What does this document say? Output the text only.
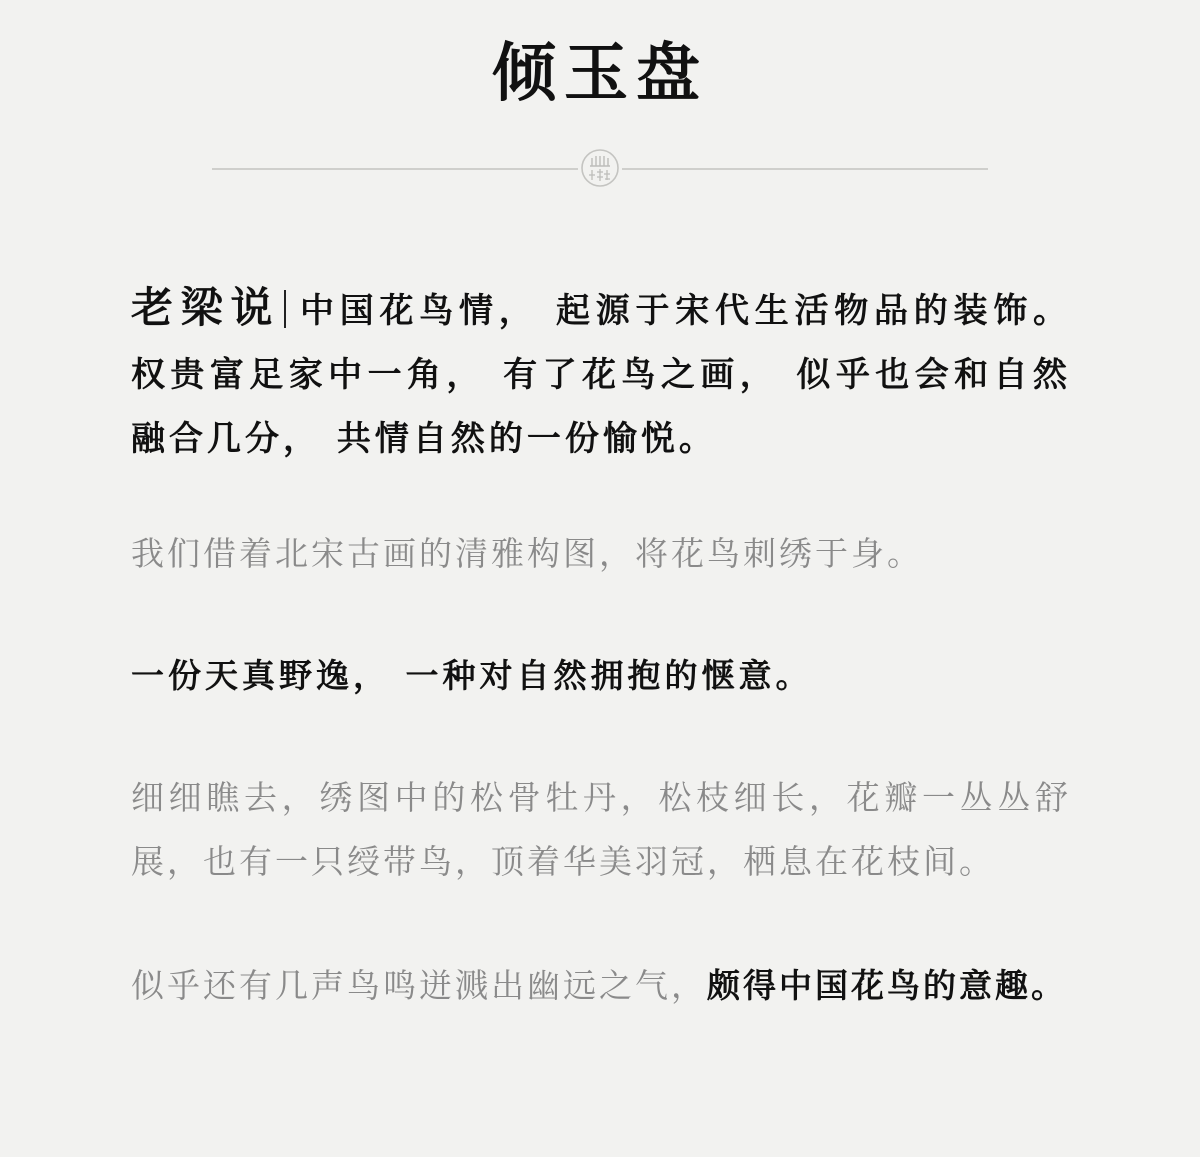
倾玉盘

老梁说 中国花鸟情， 起源于宋代生活物品的装饰。 权贵富足家中一角， 有了花鸟之画， 似乎也会和自然融合几分， 共情自然的一份愉悦。

我们借着北宋古画的清雅构图，将花鸟刺绣于身。

一份天真野逸， 一种对自然拥抱的惬意。

细细瞧去，绣图中的松骨牡丹，松枝细长，花瓣一丛丛舒展，也有一只绶带鸟，顶着华美羽冠，栖息在花枝间。

似乎还有几声鸟鸣迸溅出幽远之气，颇得中国花鸟的意趣。
